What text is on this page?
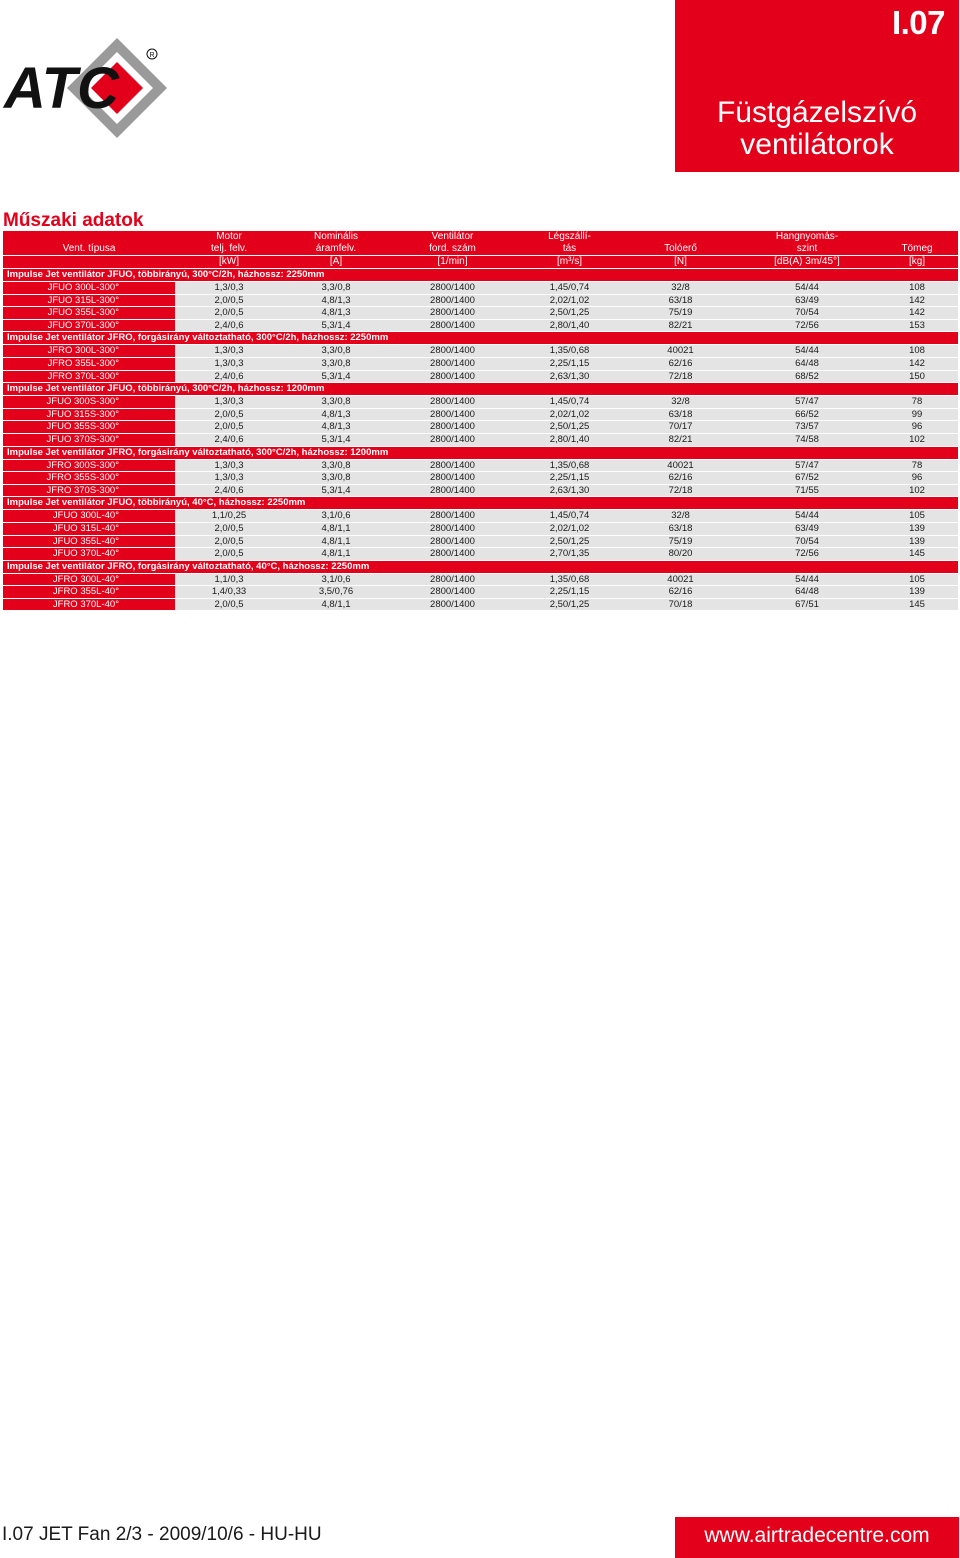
ATC
R
I.07
Füstgázelszívó
ventilátorok
Műszaki adatok
	Motor	Nominális	Ventilátor	Légszállí-		Hangnyomás-	
Vent. típusa	telj. felv.	áramfelv.	ford. szám	tás	Tolóerő	szint	Tömeg
	[kW]	[A]	[1/min]	[m³/s]	[N]	[dB(A) 3m/45°]	[kg]
Impulse Jet ventilátor JFUO, többirányú, 300°C/2h, házhossz: 2250mm							
JFUO 300L-300°	1,3/0,3	3,3/0,8	2800/1400	1,45/0,74	32/8	54/44	108
JFUO 315L-300°	2,0/0,5	4,8/1,3	2800/1400	2,02/1,02	63/18	63/49	142
JFUO 355L-300°	2,0/0,5	4,8/1,3	2800/1400	2,50/1,25	75/19	70/54	142
JFUO 370L-300°	2,4/0,6	5,3/1,4	2800/1400	2,80/1,40	82/21	72/56	153
Impulse Jet ventilátor JFRO, forgásirány változtatható, 300°C/2h, házhossz: 2250mm							
JFRO 300L-300°	1,3/0,3	3,3/0,8	2800/1400	1,35/0,68	40021	54/44	108
JFRO 355L-300°	1,3/0,3	3,3/0,8	2800/1400	2,25/1,15	62/16	64/48	142
JFRO 370L-300°	2,4/0,6	5,3/1,4	2800/1400	2,63/1,30	72/18	68/52	150
Impulse Jet ventilátor JFUO, többirányú, 300°C/2h, házhossz: 1200mm							
JFUO 300S-300°	1,3/0,3	3,3/0,8	2800/1400	1,45/0,74	32/8	57/47	78
JFUO 315S-300°	2,0/0,5	4,8/1,3	2800/1400	2,02/1,02	63/18	66/52	99
JFUO 355S-300°	2,0/0,5	4,8/1,3	2800/1400	2,50/1,25	70/17	73/57	96
JFUO 370S-300°	2,4/0,6	5,3/1,4	2800/1400	2,80/1,40	82/21	74/58	102
Impulse Jet ventilátor JFRO, forgásirány változtatható, 300°C/2h, házhossz: 1200mm							
JFRO 300S-300°	1,3/0,3	3,3/0,8	2800/1400	1,35/0,68	40021	57/47	78
JFRO 355S-300°	1,3/0,3	3,3/0,8	2800/1400	2,25/1,15	62/16	67/52	96
JFRO 370S-300°	2,4/0,6	5,3/1,4	2800/1400	2,63/1,30	72/18	71/55	102
Impulse Jet ventilátor JFUO, többirányú, 40°C, házhossz: 2250mm							
JFUO 300L-40°	1,1/0,25	3,1/0,6	2800/1400	1,45/0,74	32/8	54/44	105
JFUO 315L-40°	2,0/0,5	4,8/1,1	2800/1400	2,02/1,02	63/18	63/49	139
JFUO 355L-40°	2,0/0,5	4,8/1,1	2800/1400	2,50/1,25	75/19	70/54	139
JFUO 370L-40°	2,0/0,5	4,8/1,1	2800/1400	2,70/1,35	80/20	72/56	145
Impulse Jet ventilátor JFRO, forgásirány változtatható, 40°C, házhossz: 2250mm							
JFRO 300L-40°	1,1/0,3	3,1/0,6	2800/1400	1,35/0,68	40021	54/44	105
JFRO 355L-40°	1,4/0,33	3,5/0,76	2800/1400	2,25/1,15	62/16	64/48	139
JFRO 370L-40°	2,0/0,5	4,8/1,1	2800/1400	2,50/1,25	70/18	67/51	145
I.07 JET Fan 2/3 - 2009/10/6 - HU-HU	www.airtradecentre.com
